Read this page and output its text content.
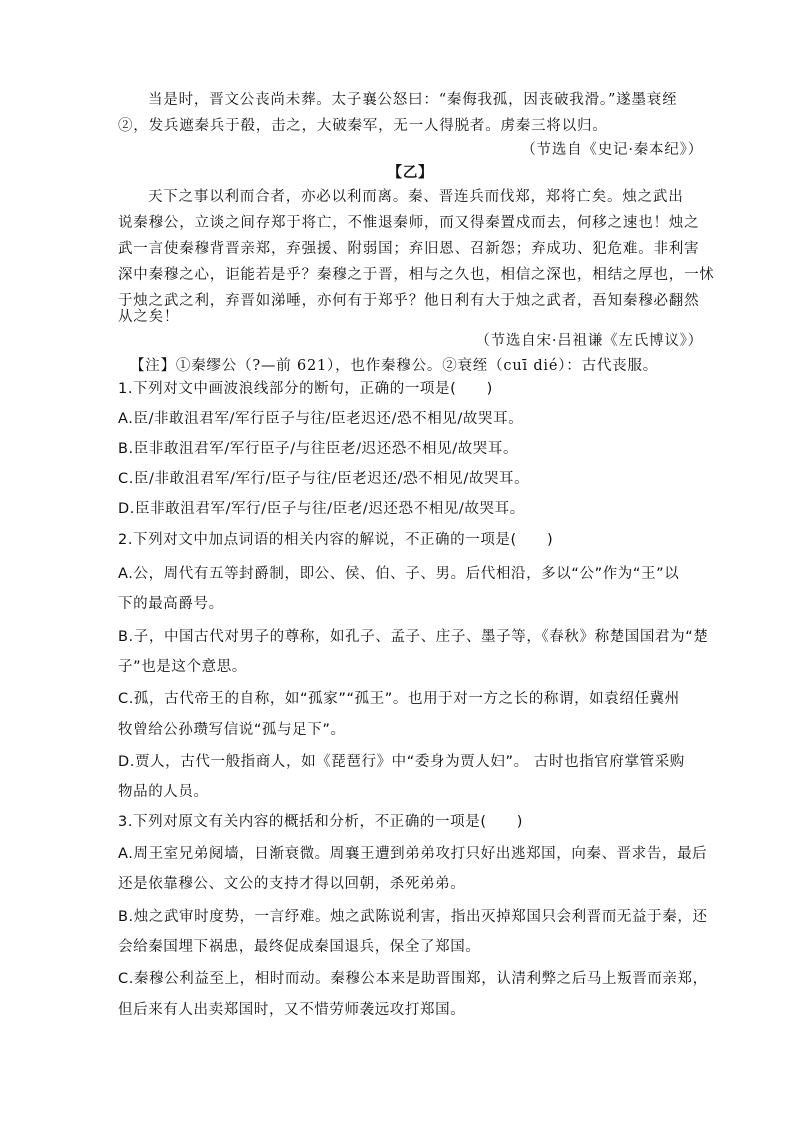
当是时，晋文公丧尚未葬。太子襄公怒曰：“秦侮我孤，因丧破我滑。”遂墨衰绖
②，发兵遮秦兵于殽，击之，大破秦军，无一人得脱者。虏秦三将以归。
（节选自《史记·秦本纪》）
【乙】
天下之事以利而合者，亦必以利而离。秦、晋连兵而伐郑，郑将亡矣。烛之武出
说秦穆公，立谈之间存郑于将亡，不惟退秦师，而又得秦置戍而去，何移之速也！烛之
武一言使秦穆背晋亲郑，弃强援、附弱国；弃旧恩、召新怨；弃成功、犯危难。非利害
深中秦穆之心，讵能若是乎？秦穆之于晋，相与之久也，相信之深也，相结之厚也，一怵
于烛之武之利，弃晋如涕唾，亦何有于郑乎？他日利有大于烛之武者，吾知秦穆必翻然
从之矣！
（节选自宋·吕祖谦《左氏博议》）
【注】①秦缪公（?—前 621），也作秦穆公。②衰绖（cuī dié）：古代丧服。
1.下列对文中画波浪线部分的断句，正确的一项是(　　)
A.臣/非敢沮君军/军行臣子与往/臣老迟还/恐不相见/故哭耳。
B.臣非敢沮君军/军行臣子/与往臣老/迟还恐不相见/故哭耳。
C.臣/非敢沮君军/军行/臣子与往/臣老迟还/恐不相见/故哭耳。
D.臣非敢沮君军/军行/臣子与往/臣老/迟还恐不相见/故哭耳。
2.下列对文中加点词语的相关内容的解说，不正确的一项是(　　)
A.公，周代有五等封爵制，即公、侯、伯、子、男。后代相沿，多以“公”作为“王”以
下的最高爵号。
B.子，中国古代对男子的尊称，如孔子、孟子、庄子、墨子等，《春秋》称楚国国君为“楚
子”也是这个意思。
C.孤，古代帝王的自称，如“孤家”“孤王”。也用于对一方之长的称谓，如袁绍任冀州
牧曾给公孙瓒写信说“孤与足下”。
D.贾人，古代一般指商人，如《琵琶行》中“委身为贾人妇”。 古时也指官府掌管采购
物品的人员。
3.下列对原文有关内容的概括和分析，不正确的一项是(　　)
A.周王室兄弟阋墙，日渐衰微。周襄王遭到弟弟攻打只好出逃郑国，向秦、晋求告，最后
还是依靠穆公、文公的支持才得以回朝，杀死弟弟。
B.烛之武审时度势，一言纾难。烛之武陈说利害，指出灭掉郑国只会利晋而无益于秦，还
会给秦国埋下祸患，最终促成秦国退兵，保全了郑国。
C.秦穆公利益至上，相时而动。秦穆公本来是助晋围郑，认清利弊之后马上叛晋而亲郑，
但后来有人出卖郑国时，又不惜劳师袭远攻打郑国。
